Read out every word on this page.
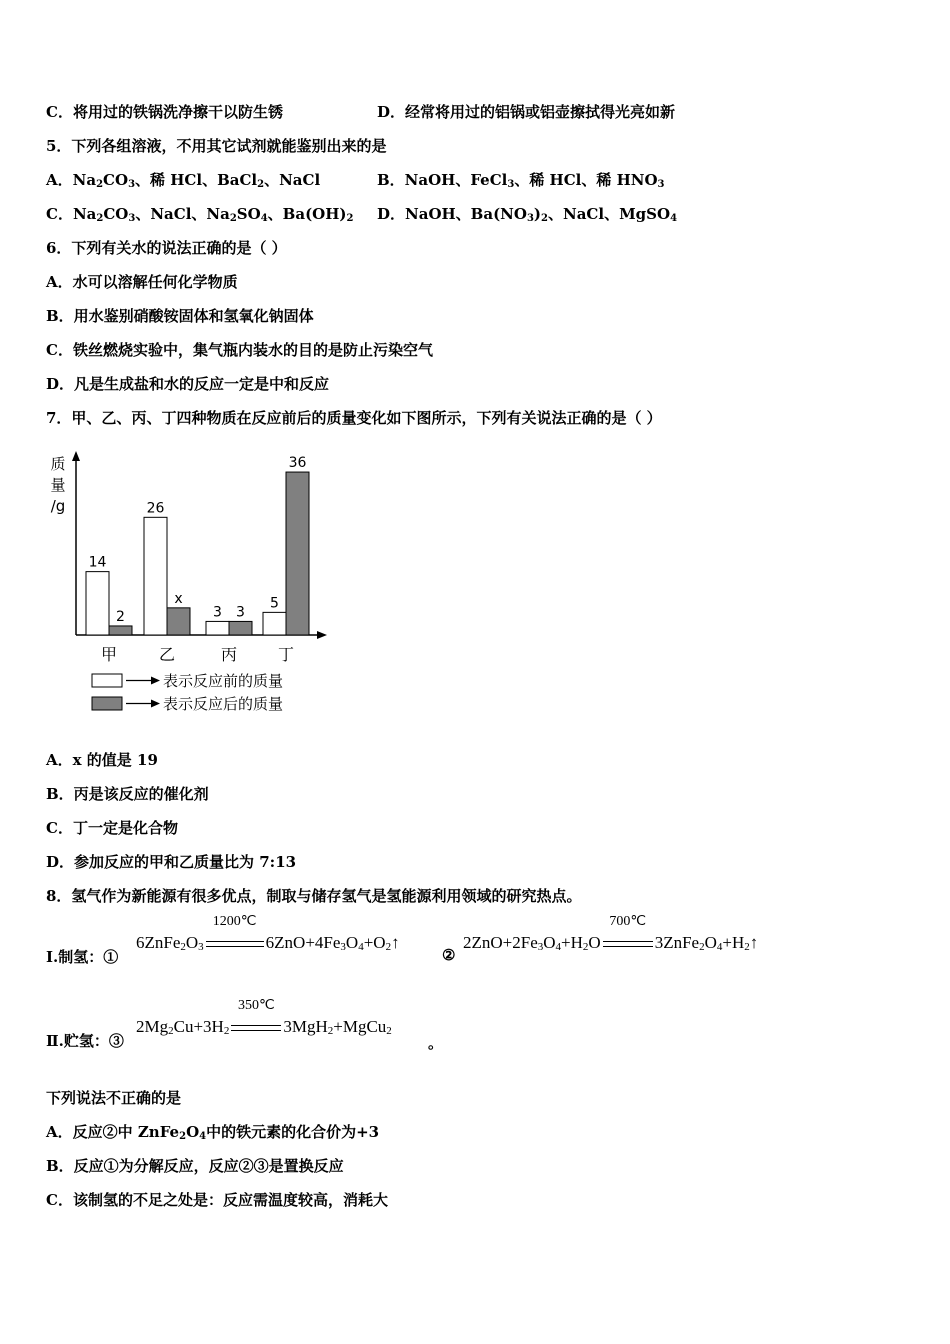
C．将用过的铁锅洗净擦干以防生锈	D．经常将用过的铝锅或铝壶擦拭得光亮如新
5．下列各组溶液，不用其它试剂就能鉴别出来的是
A．$Na_2CO_3$、稀 HCl、BaCl$_2$、NaCl	B．NaOH、FeCl$_3$、稀 HCl、稀 $HNO_3$
C．$Na_2CO_3$、NaCl、$Na_2SO_4$、$Ba(OH)_2$ D．NaOH、$Ba(NO_3)_2$、NaCl、MgSO$_4$
6．下列有关水的说法正确的是（ ）
A．水可以溶解任何化学物质
B．用水鉴别硝酸铵固体和氢氧化钠固体
C．铁丝燃烧实验中，集气瓶内装水的目的是防止污染空气
D．凡是生成盐和水的反应一定是中和反应
7．甲、乙、丙、丁四种物质在反应前后的质量变化如下图所示，下列有关说法正确的是（ ）
质
量
/g
14
2
26
x
3 3
5
36
甲	乙	丙	丁
表示反应前的质量
表示反应后的质量
A．x 的值是 19
B．丙是该反应的催化剂
C．丁一定是化合物
D．参加反应的甲和乙质量比为 7:13
8．氢气作为新能源有很多优点，制取与储存氢气是氢能源利用领域的研究热点。
Ⅰ.制氢：①
$6ZnFe_2O_3$
1200℃
$6ZnO+4Fe_3O_4+O_2↑$
②
$2ZnO+2Fe_3O_4+H_2O$
700℃
$3ZnFe_2O_4+H_2↑$
Ⅱ.贮氢：③
$2Mg_2Cu+3H_2$
350℃
3MgH$_2$+MgCu$_2$
。
下列说法不正确的是
A．反应②中 $ZnFe_2O_4$中的铁元素的化合价为+3
B．反应①为分解反应，反应②③是置换反应
C．该制氢的不足之处是：反应需温度较高，消耗大
